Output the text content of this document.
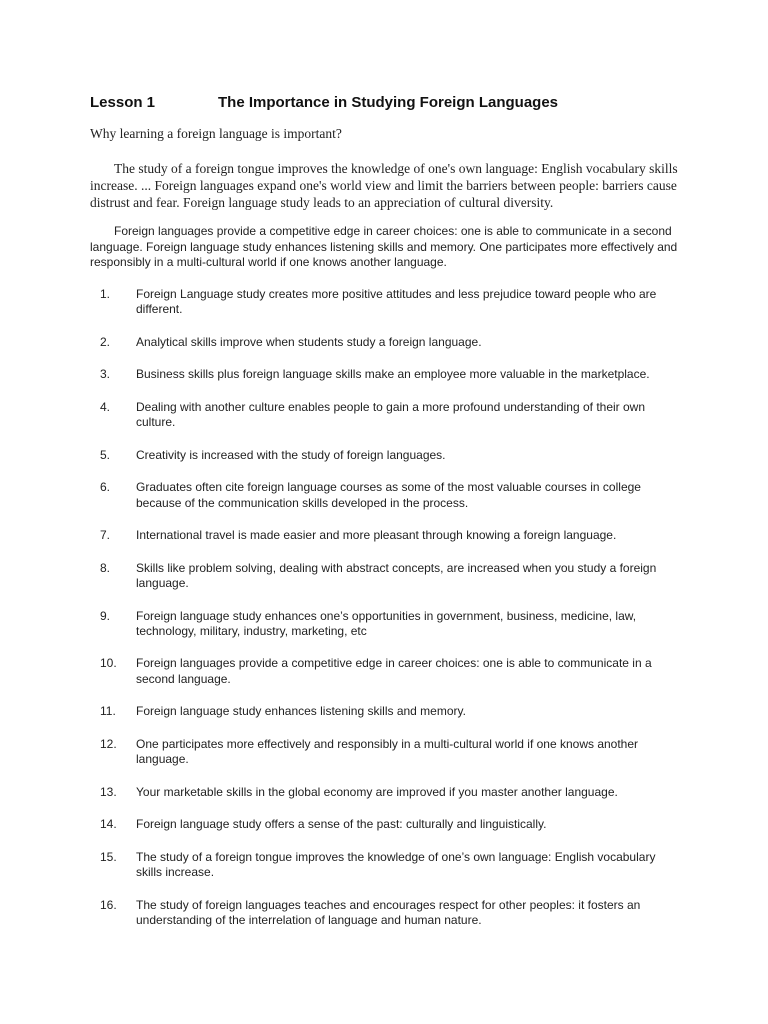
Lesson 1	The Importance in Studying Foreign Languages
Why learning a foreign language is important?

The study of a foreign tongue improves the knowledge of one's own language: English vocabulary skills increase. ... Foreign languages expand one's world view and limit the barriers between people: barriers cause distrust and fear. Foreign language study leads to an appreciation of cultural diversity.

Foreign languages provide a competitive edge in career choices: one is able to communicate in a second language. Foreign language study enhances listening skills and memory. One participates more effectively and responsibly in a multi-cultural world if one knows another language.

1.	Foreign Language study creates more positive attitudes and less prejudice toward people who are different.
2.	Analytical skills improve when students study a foreign language.
3.	Business skills plus foreign language skills make an employee more valuable in the marketplace.
4.	Dealing with another culture enables people to gain a more profound understanding of their own culture.
5.	Creativity is increased with the study of foreign languages.
6.	Graduates often cite foreign language courses as some of the most valuable courses in college because of the communication skills developed in the process.
7.	International travel is made easier and more pleasant through knowing a foreign language.
8.	Skills like problem solving, dealing with abstract concepts, are increased when you study a foreign language.
9.	Foreign language study enhances one’s opportunities in government, business, medicine, law, technology, military, industry, marketing, etc
10.	Foreign languages provide a competitive edge in career choices: one is able to communicate in a second language.
11.	Foreign language study enhances listening skills and memory.
12.	One participates more effectively and responsibly in a multi-cultural world if one knows another language.
13.	Your marketable skills in the global economy are improved if you master another language.
14.	Foreign language study offers a sense of the past: culturally and linguistically.
15.	The study of a foreign tongue improves the knowledge of one’s own language: English vocabulary skills increase.
16.	The study of foreign languages teaches and encourages respect for other peoples: it fosters an understanding of the interrelation of language and human nature.
